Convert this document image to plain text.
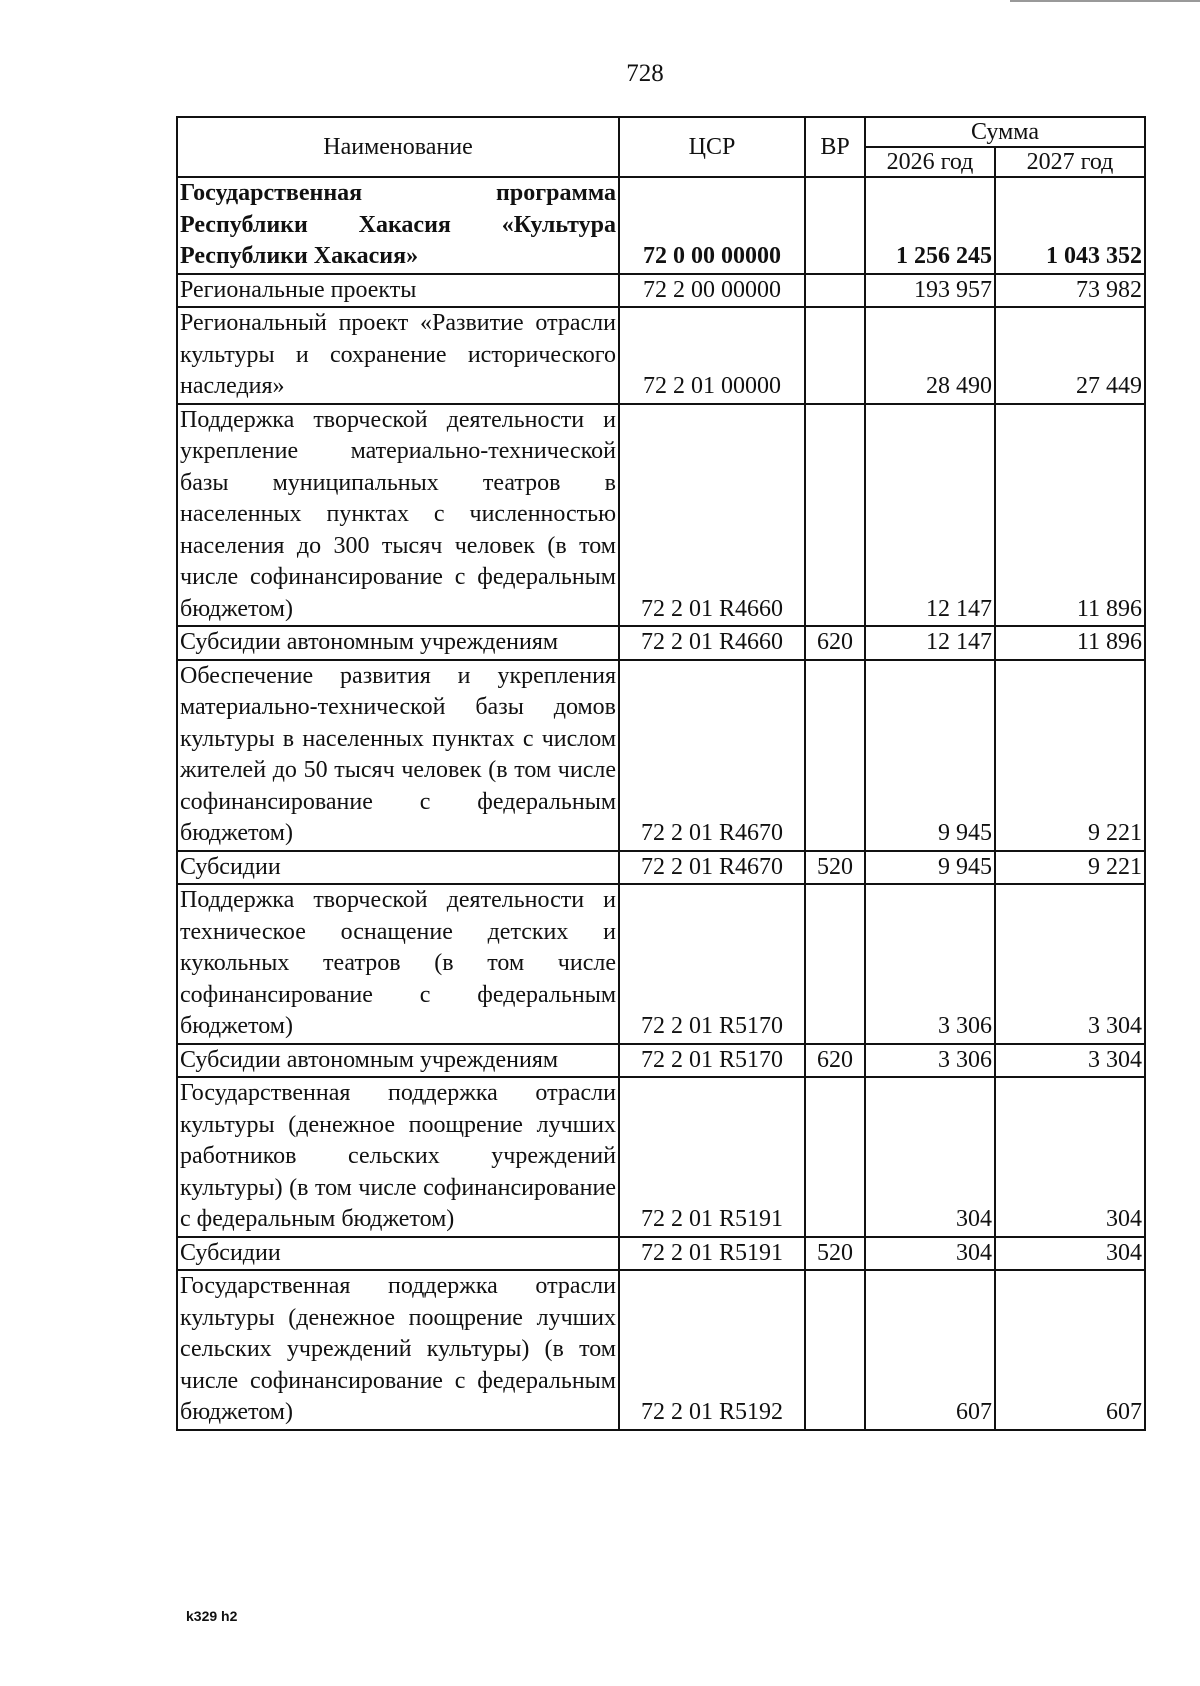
728
Наименование	ЦСР	ВР	Сумма	
			2026 год	2027 год
Государственная программа Республики Хакасия «Культура Республики Хакасия»	72 0 00 00000		1 256 245	1 043 352
Региональные проекты	72 2 00 00000		193 957	73 982
Региональный проект «Развитие отрасли культуры и сохранение исторического наследия»	72 2 01 00000		28 490	27 449
Поддержка творческой деятельности и укрепление материально-технической базы муниципальных театров в населенных пунктах с численностью населения до 300 тысяч человек (в том числе софинансирование с федеральным бюджетом)	72 2 01 R4660		12 147	11 896
Субсидии автономным учреждениям	72 2 01 R4660	620	12 147	11 896
Обеспечение развития и укрепления материально-технической базы домов культуры в населенных пунктах с числом жителей до 50 тысяч человек (в том числе софинансирование с федеральным бюджетом)	72 2 01 R4670		9 945	9 221
Субсидии	72 2 01 R4670	520	9 945	9 221
Поддержка творческой деятельности и техническое оснащение детских и кукольных театров (в том числе софинансирование с федеральным бюджетом)	72 2 01 R5170		3 306	3 304
Субсидии автономным учреждениям	72 2 01 R5170	620	3 306	3 304
Государственная поддержка отрасли культуры (денежное поощрение лучших работников сельских учреждений культуры) (в том числе софинансирование с федеральным бюджетом)	72 2 01 R5191		304	304
Субсидии	72 2 01 R5191	520	304	304
Государственная поддержка отрасли культуры (денежное поощрение лучших сельских учреждений культуры) (в том числе софинансирование с федеральным бюджетом)	72 2 01 R5192		607	607
k329 h2
